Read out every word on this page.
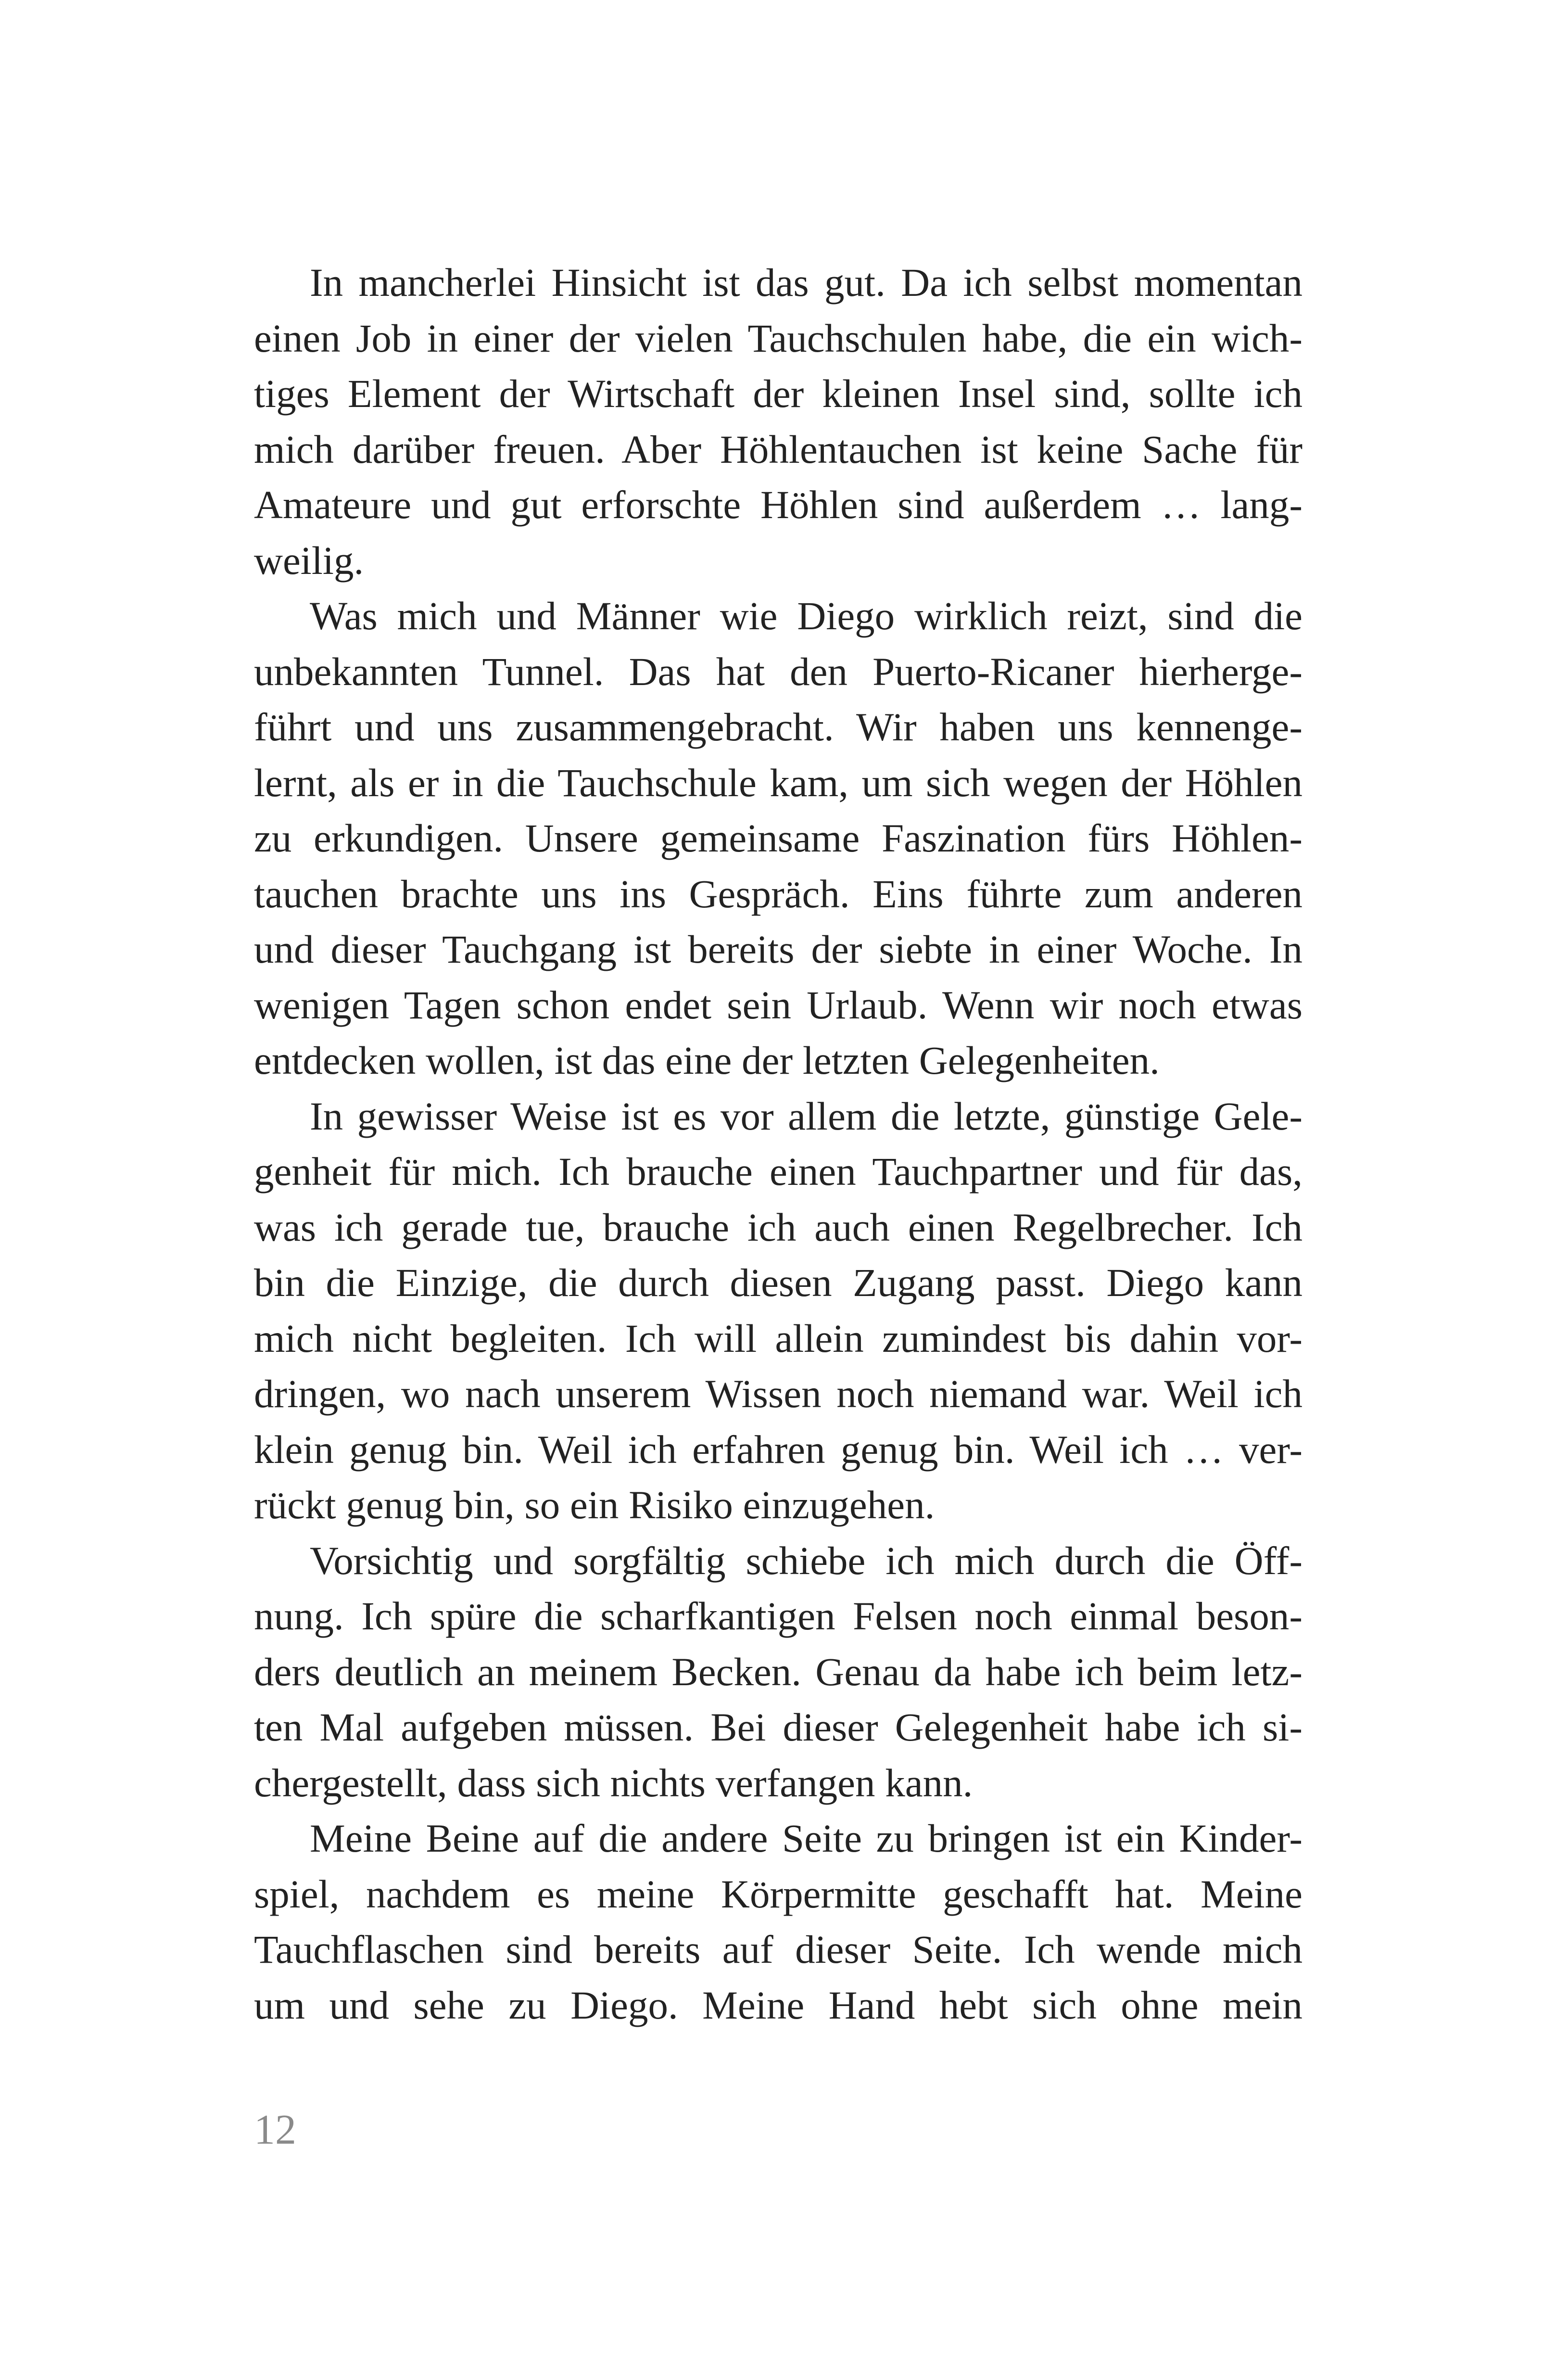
In mancherlei Hinsicht ist das gut. Da ich selbst momentan
einen Job in einer der vielen Tauchschulen habe, die ein wich-
tiges Element der Wirtschaft der kleinen Insel sind, sollte ich
mich darüber freuen. Aber Höhlentauchen ist keine Sache für
Amateure und gut erforschte Höhlen sind außerdem … lang-
weilig.

Was mich und Männer wie Diego wirklich reizt, sind die
unbekannten Tunnel. Das hat den Puerto-Ricaner hierherge-
führt und uns zusammengebracht. Wir haben uns kennenge-
lernt, als er in die Tauchschule kam, um sich wegen der Höhlen
zu erkundigen. Unsere gemeinsame Faszination fürs Höhlen-
tauchen brachte uns ins Gespräch. Eins führte zum anderen
und dieser Tauchgang ist bereits der siebte in einer Woche. In
wenigen Tagen schon endet sein Urlaub. Wenn wir noch etwas
entdecken wollen, ist das eine der letzten Gelegenheiten.

In gewisser Weise ist es vor allem die letzte, günstige Gele-
genheit für mich. Ich brauche einen Tauchpartner und für das,
was ich gerade tue, brauche ich auch einen Regelbrecher. Ich
bin die Einzige, die durch diesen Zugang passt. Diego kann
mich nicht begleiten. Ich will allein zumindest bis dahin vor-
dringen, wo nach unserem Wissen noch niemand war. Weil ich
klein genug bin. Weil ich erfahren genug bin. Weil ich … ver-
rückt genug bin, so ein Risiko einzugehen.

Vorsichtig und sorgfältig schiebe ich mich durch die Öff-
nung. Ich spüre die scharfkantigen Felsen noch einmal beson-
ders deutlich an meinem Becken. Genau da habe ich beim letz-
ten Mal aufgeben müssen. Bei dieser Gelegenheit habe ich si-
chergestellt, dass sich nichts verfangen kann.

Meine Beine auf die andere Seite zu bringen ist ein Kinder-
spiel, nachdem es meine Körpermitte geschafft hat. Meine
Tauchflaschen sind bereits auf dieser Seite. Ich wende mich
um und sehe zu Diego. Meine Hand hebt sich ohne mein

12
